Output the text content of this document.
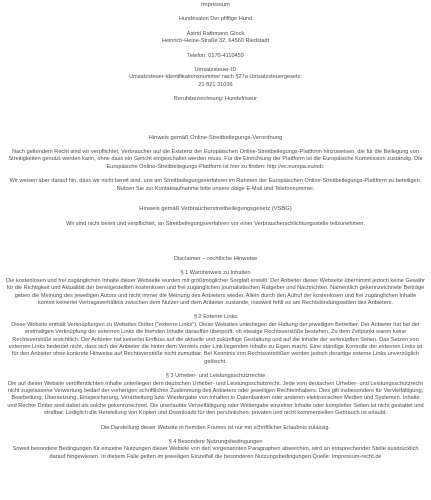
Impressum

Hundesalon Der pfiffige Hund

Astrid Rathmann Glock

Heinrich-Heine-Straße 32, 64560 Riedstadt

Telefon: 0170-4110459

Umsatzsteuer-ID

Umsatzsteuer-Identifikationsnummer nach §27a Umsatzsteuergesetz:

21 821 31036

Berufsbezeichnung: Hundefriseur

Hinweis gemäß Online-Streitbeilegungs-Verordnung

Nach geltendem Recht sind wir verpflichtet, Verbraucher auf die Existenz der Europäischen Online-Streitbeilegungs-Plattform hinzuweisen, die für die Beilegung von Streitigkeiten genutzt werden kann, ohne dass ein Gericht eingeschaltet werden muss. Für die Einrichtung der Plattform ist die Europäische Kommission zuständig. Die Europäische Online-Streitbeilegungs-Plattform ist hier zu finden: http://ec.europa.eu/odr.

Wir weisen aber darauf hin, dass wir nicht bereit sind, uns am Streitbeilegungsverfahren im Rahmen der Europäischen Online-Streitbeilegungs-Plattform zu beteiligen. Nutzen Sie zur Kontaktaufnahme bitte unsere obige E-Mail und Telefonnummer.

Hinweis gemäß Verbraucherstreitbeilegungsgesetz (VSBG)

Wir sind nicht bereit und verpflichtet, an Streitbeilegungsverfahren vor einer Verbraucherschlichtungsstelle teilzunehmen.

Disclaimer – rechtliche Hinweise

§ 1 Warnhinweis zu Inhalten

Die kostenlosen und frei zugänglichen Inhalte dieser Webseite wurden mit größtmöglicher Sorgfalt erstellt. Der Anbieter dieser Webseite übernimmt jedoch keine Gewähr für die Richtigkeit und Aktualität der bereitgestellten kostenlosen und frei zugänglichen journalistischen Ratgeber und Nachrichten. Namentlich gekennzeichnete Beiträge geben die Meinung des jeweiligen Autors und nicht immer die Meinung des Anbieters wieder. Allein durch den Aufruf der kostenlosen und frei zugänglichen Inhalte kommt keinerlei Vertragsverhältnis zwischen dem Nutzer und dem Anbieter zustande, insoweit fehlt es am Rechtsbindungswillen des Anbieters.

§ 2 Externe Links

Diese Website enthält Verknüpfungen zu Websites Dritter ("externe Links"). Diese Websites unterliegen der Haftung der jeweiligen Betreiber. Der Anbieter hat bei der erstmaligen Verknüpfung der externen Links die fremden Inhalte daraufhin überprüft, ob etwaige Rechtsverstöße bestehen. Zu dem Zeitpunkt waren keine Rechtsverstöße ersichtlich. Der Anbieter hat keinerlei Einfluss auf die aktuelle und zukünftige Gestaltung und auf die Inhalte der verknüpften Seiten. Das Setzen von externen Links bedeutet nicht, dass sich der Anbieter die hinter dem Verweis oder Link liegenden Inhalte zu Eigen macht. Eine ständige Kontrolle der externen Links ist für den Anbieter ohne konkrete Hinweise auf Rechtsverstöße nicht zumutbar. Bei Kenntnis von Rechtsverstößen werden jedoch derartige externe Links unverzüglich gelöscht.

§ 3 Urheber- und Leistungsschutzrechte

Die auf dieser Website veröffentlichten Inhalte unterliegen dem deutschen Urheber- und Leistungsschutzrecht. Jede vom deutschen Urheber- und Leistungsschutzrecht nicht zugelassene Verwertung bedarf der vorherigen schriftlichen Zustimmung des Anbieters oder jeweiligen Rechteinhabers. Dies gilt insbesondere für Vervielfältigung, Bearbeitung, Übersetzung, Einspeicherung, Verarbeitung bzw. Wiedergabe von Inhalten in Datenbanken oder anderen elektronischen Medien und Systemen. Inhalte und Rechte Dritter sind dabei als solche gekennzeichnet. Die unerlaubte Vervielfältigung oder Weitergabe einzelner Inhalte oder kompletter Seiten ist nicht gestattet und strafbar. Lediglich die Herstellung von Kopien und Downloads für den persönlichen, privaten und nicht kommerziellen Gebrauch ist erlaubt.

Die Darstellung dieser Website in fremden Frames ist nur mit schriftlicher Erlaubnis zulässig.

§ 4 Besondere Nutzungsbedingungen

Soweit besondere Bedingungen für einzelne Nutzungen dieser Website von den vorgenannten Paragraphen abweichen, wird an entsprechender Stelle ausdrücklich darauf hingewiesen. In diesem Falle gelten im jeweiligen Einzelfall die besonderen Nutzungsbedingungen.Quelle: Impressum-recht.de
